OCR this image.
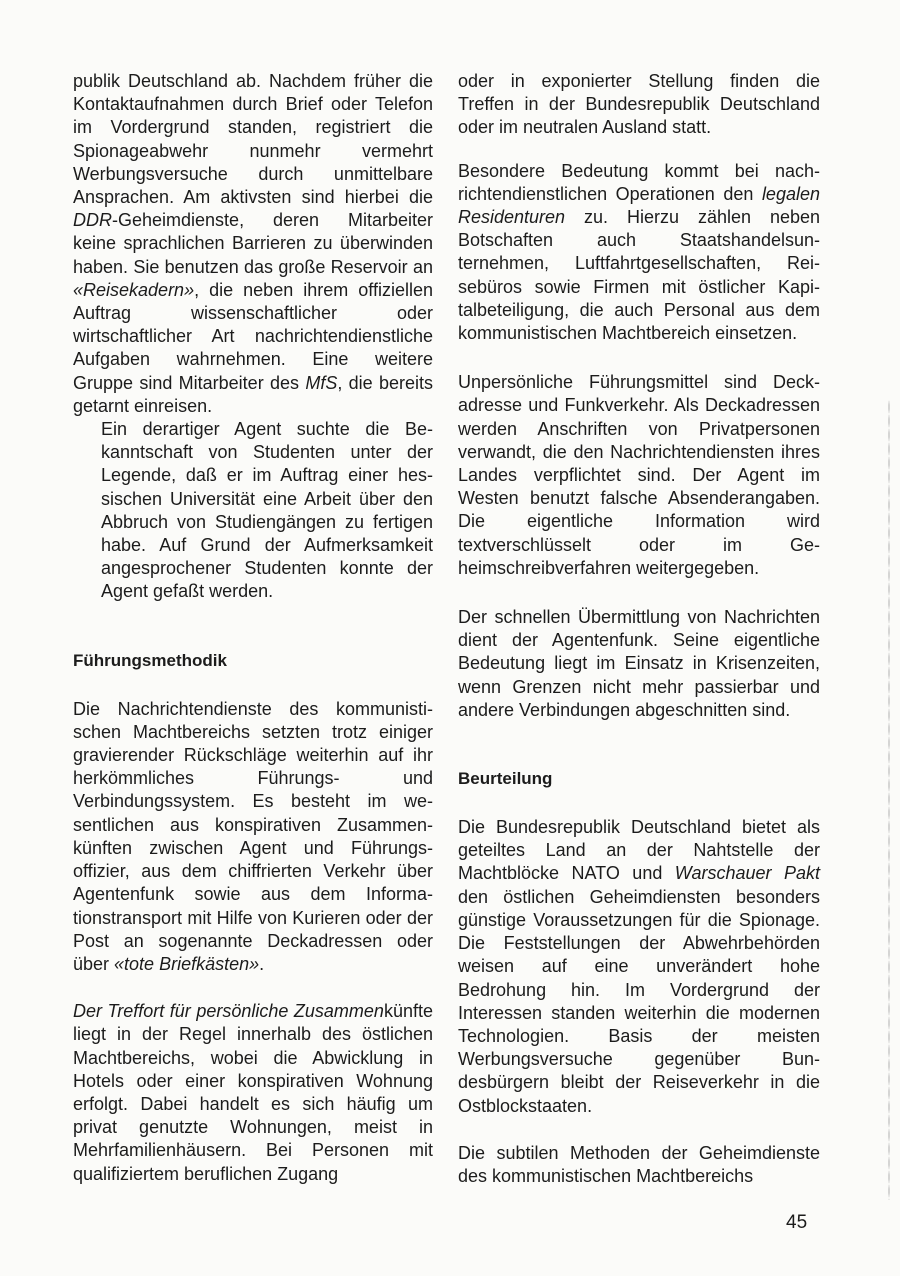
publik Deutschland ab. Nachdem früher die Kontaktaufnahmen durch Brief oder Telefon im Vordergrund standen, registriert die Spionageabwehr nunmehr vermehrt Werbungsversuche durch unmittelbare Ansprachen. Am aktivsten sind hierbei die DDR-Geheimdienste, deren Mitarbeiter keine sprachlichen Barrieren zu überwinden haben. Sie benutzen das große Reservoir an «Reisekadern», die neben ihrem offiziellen Auftrag wissenschaftlicher oder wirtschaftlicher Art nachrichtendienstliche Aufgaben wahrnehmen. Eine weitere Gruppe sind Mitarbeiter des MfS, die bereits getarnt einreisen.

Ein derartiger Agent suchte die Bekanntschaft von Studenten unter der Legende, daß er im Auftrag einer hessischen Universität eine Arbeit über den Abbruch von Studiengängen zu fertigen habe. Auf Grund der Aufmerksamkeit angesprochener Studenten konnte der Agent gefaßt werden.

Führungsmethodik

Die Nachrichtendienste des kommunistischen Machtbereichs setzten trotz einiger gravierender Rückschläge weiterhin auf ihr herkömmliches Führungs- und Verbindungssystem. Es besteht im wesentlichen aus konspirativen Zusammenkünften zwischen Agent und Führungsoffizier, aus dem chiffrierten Verkehr über Agentenfunk sowie aus dem Informationstransport mit Hilfe von Kurieren oder der Post an sogenannte Deckadressen oder über «tote Briefkästen».

Der Treffort für persönliche Zusammenkünfte liegt in der Regel innerhalb des östlichen Machtbereichs, wobei die Abwicklung in Hotels oder einer konspirativen Wohnung erfolgt. Dabei handelt es sich häufig um privat genutzte Wohnungen, meist in Mehrfamilienhäusern. Bei Personen mit qualifiziertem beruflichen Zugang

oder in exponierter Stellung finden die Treffen in der Bundesrepublik Deutschland oder im neutralen Ausland statt.

Besondere Bedeutung kommt bei nachrichtendienstlichen Operationen den legalen Residenturen zu. Hierzu zählen neben Botschaften auch Staatshandelsunternehmen, Luftfahrtgesellschaften, Reisebüros sowie Firmen mit östlicher Kapitalbeteiligung, die auch Personal aus dem kommunistischen Machtbereich einsetzen.

Unpersönliche Führungsmittel sind Deckadresse und Funkverkehr. Als Deckadressen werden Anschriften von Privatpersonen verwandt, die den Nachrichtendiensten ihres Landes verpflichtet sind. Der Agent im Westen benutzt falsche Absenderangaben. Die eigentliche Information wird textverschlüsselt oder im Geheimschreibverfahren weitergegeben.

Der schnellen Übermittlung von Nachrichten dient der Agentenfunk. Seine eigentliche Bedeutung liegt im Einsatz in Krisenzeiten, wenn Grenzen nicht mehr passierbar und andere Verbindungen abgeschnitten sind.

Beurteilung

Die Bundesrepublik Deutschland bietet als geteiltes Land an der Nahtstelle der Machtblöcke NATO und Warschauer Pakt den östlichen Geheimdiensten besonders günstige Voraussetzungen für die Spionage. Die Feststellungen der Abwehrbehörden weisen auf eine unverändert hohe Bedrohung hin. Im Vordergrund der Interessen standen weiterhin die modernen Technologien. Basis der meisten Werbungsversuche gegenüber Bundesbürgern bleibt der Reiseverkehr in die Ostblockstaaten.

Die subtilen Methoden der Geheimdienste des kommunistischen Machtbereichs

45
